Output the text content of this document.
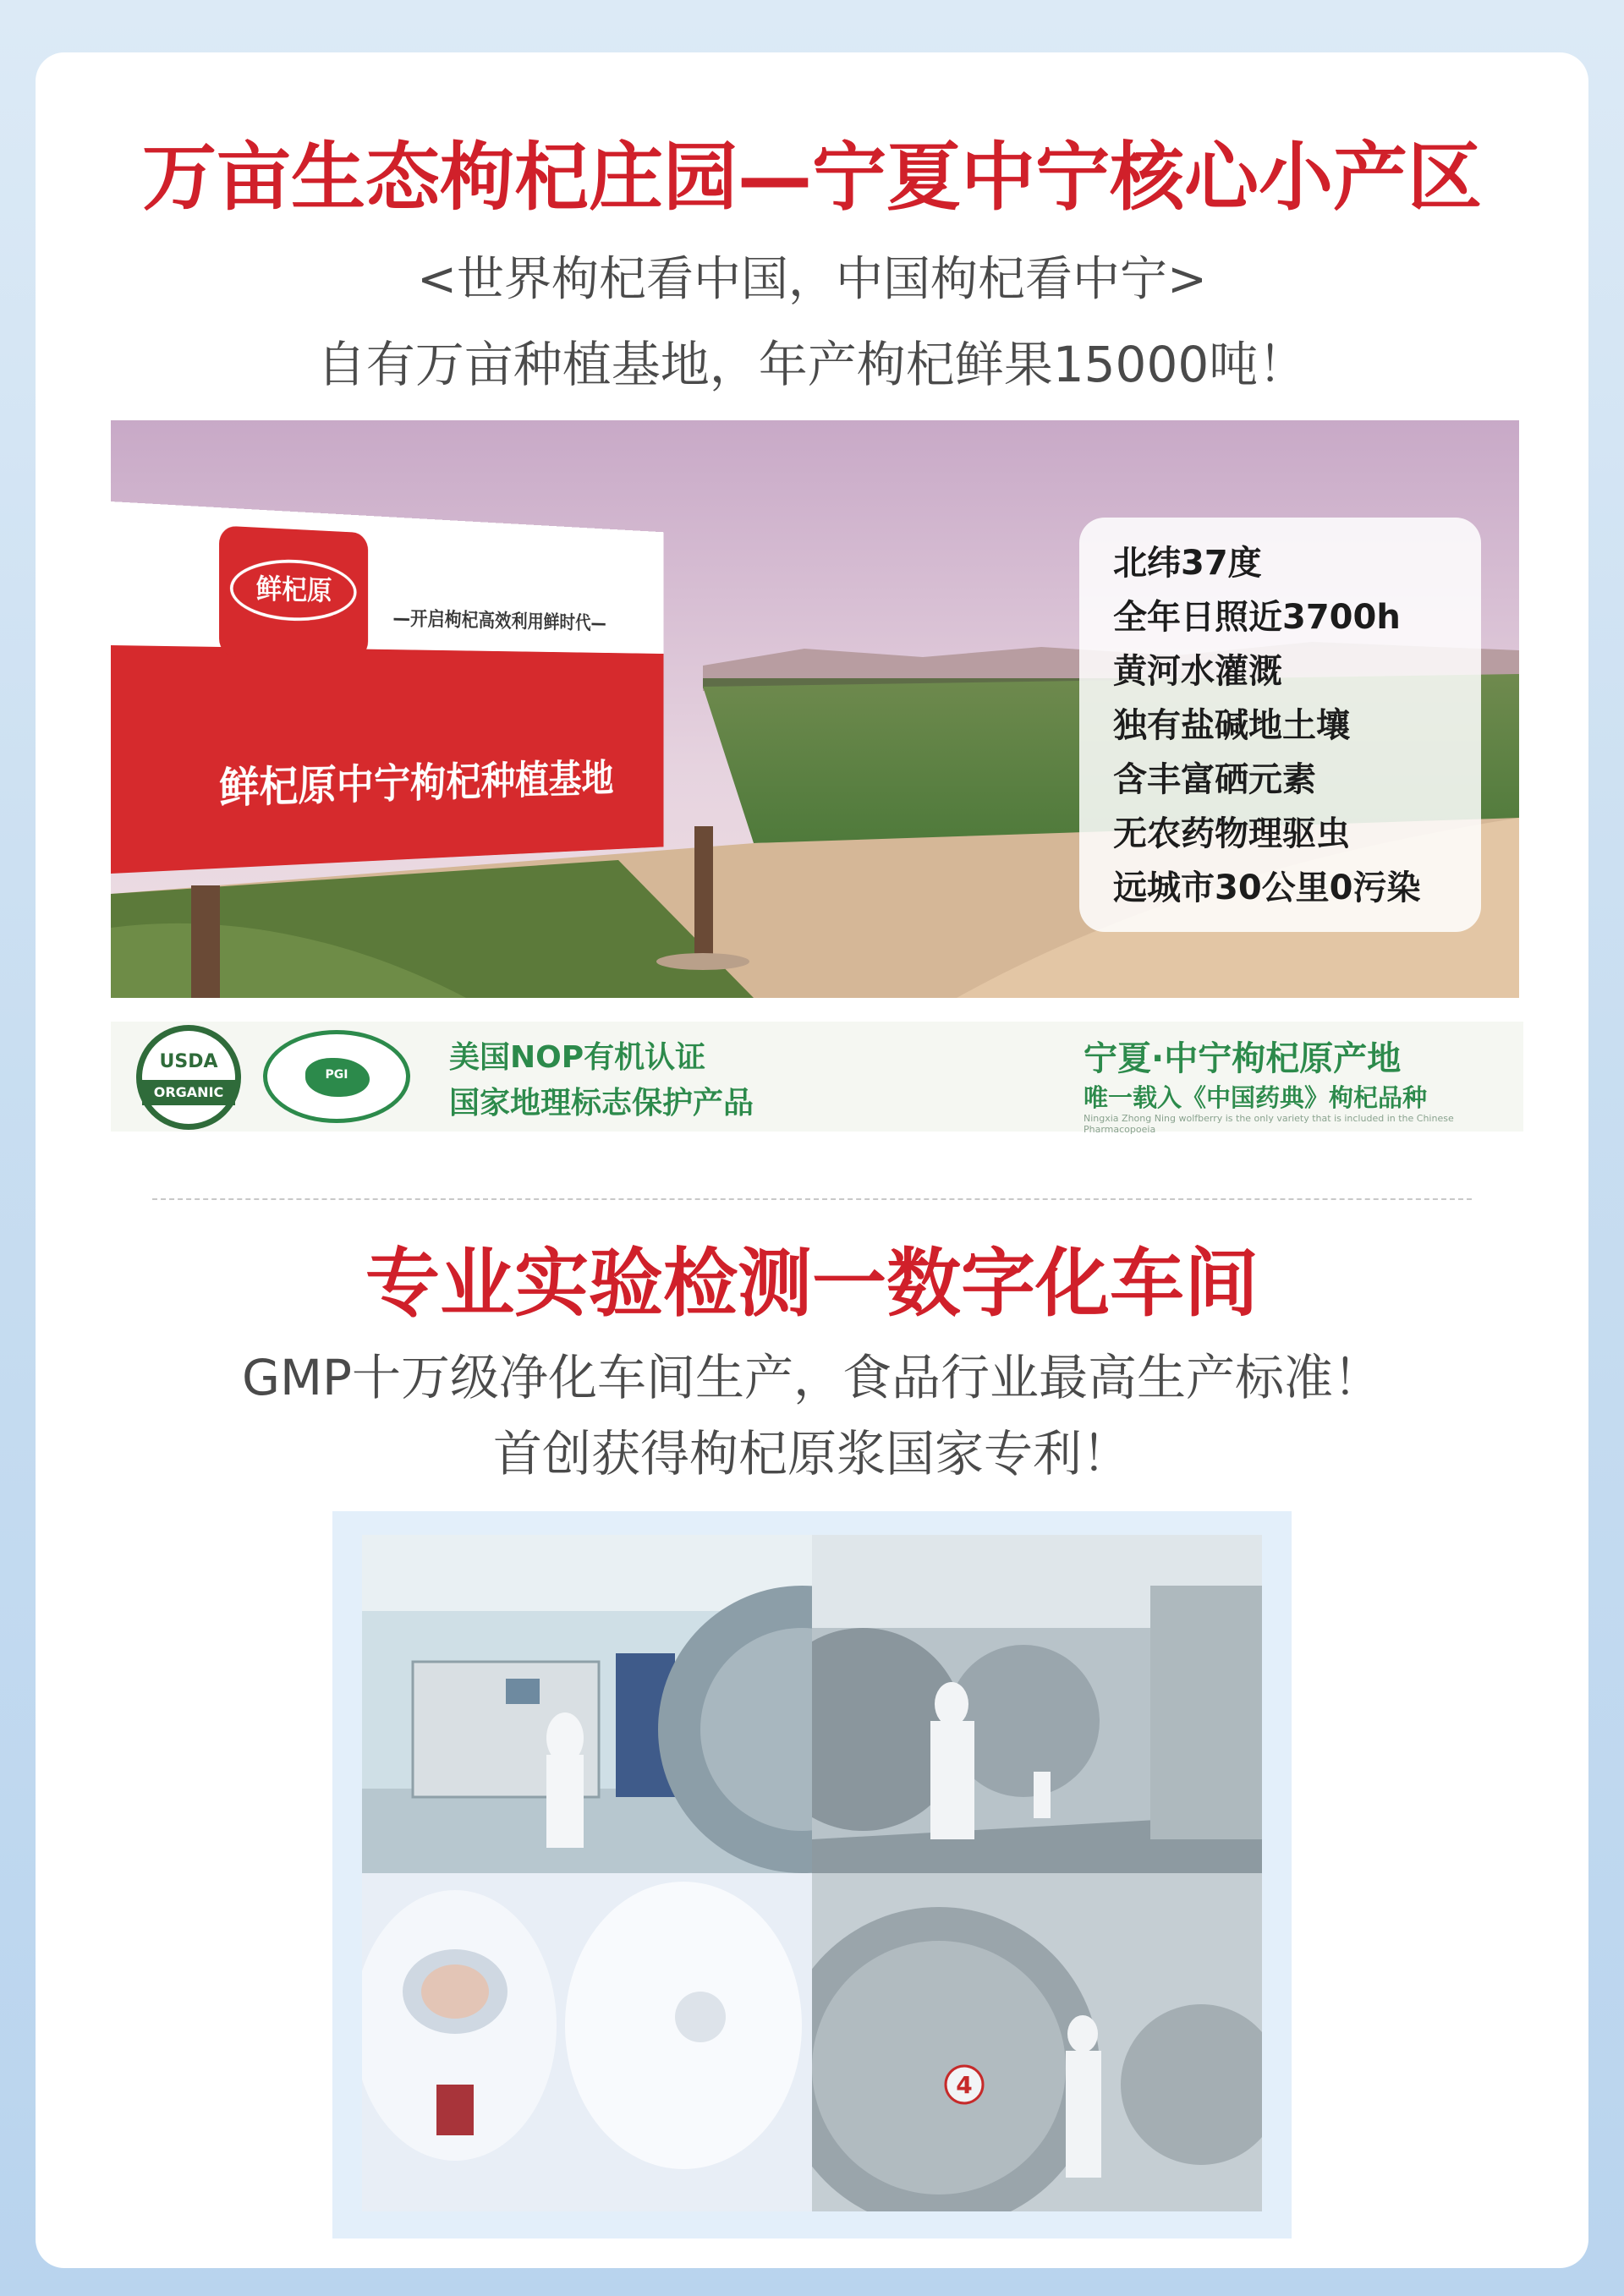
万亩生态枸杞庄园—宁夏中宁核心小产区
<世界枸杞看中国，中国枸杞看中宁>
自有万亩种植基地，年产枸杞鲜果15000吨！
鲜杞原
—开启枸杞高效利用鲜时代—
鲜杞原中宁枸杞种植基地
北纬37度
全年日照近3700h
黄河水灌溉
独有盐碱地土壤
含丰富硒元素
无农药物理驱虫
远城市30公里0污染
USDA
ORGANIC
PGI	美国NOP有机认证
国家地理标志保护产品
宁夏·中宁枸杞原产地
唯一载入《中国药典》枸杞品种
Ningxia Zhong Ning wolfberry is the only variety that is included in the Chinese Pharmacopoeia
专业实验检测一数字化车间
GMP十万级净化车间生产，食品行业最高生产标准！
首创获得枸杞原浆国家专利！
4
